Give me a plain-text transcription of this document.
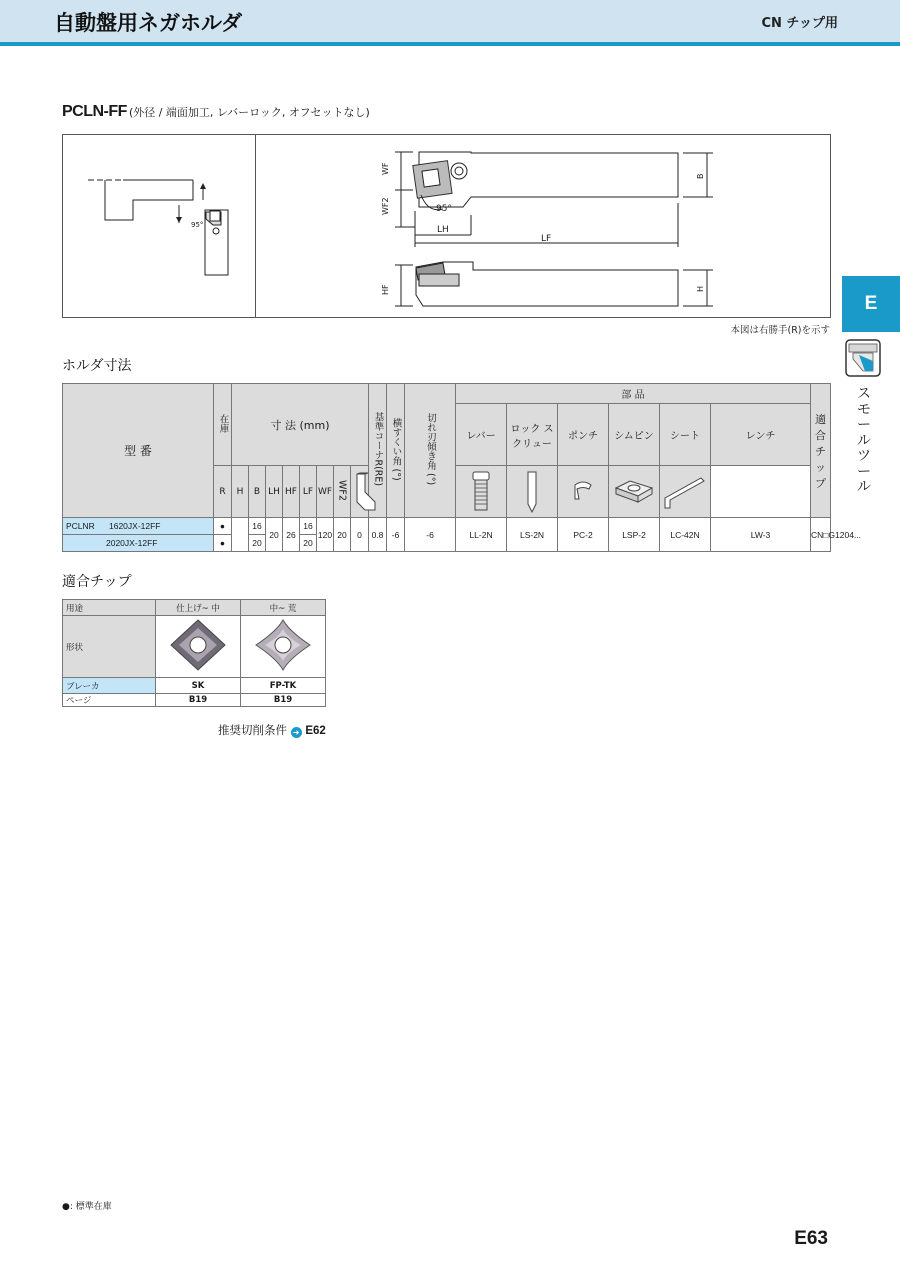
自動盤用ネガホルダ	CN チップ用
E
スモールツール
PCLN-FF (外径 / 端面加工, レバーロック, オフセットなし)
95°
WF
WF2	95°
LH
LF
B
HF	H
本図は右勝手(R)を示す
ホルダ寸法
型 番	在庫	寸 法 (mm)								基準コーナR(RE)	横すくい角 (°)	切れ刃傾き角 (°)	部 品						適合チップ
													レバー	ロック スクリュー	ポンチ	シムピン	シート	レンチ	
	R	H	B	LH	HF	LF	WF	WF2	

PCLNR 1620JX-12FF	●		16	20	26	16	120	20	0	0.8	-6	-6	LL-2N	LS-2N	PC-2	LSP-2	LC-42N	LW-3	CN□G1204...
2020JX-12FF	●		20			20													
適合チップ
用途	仕上げ~ 中	中~ 荒
形状		
ブレーカ	SK	FP-TK
ページ	B19	B19
推奨切削条件 ➜ E62
●: 標準在庫
E63
